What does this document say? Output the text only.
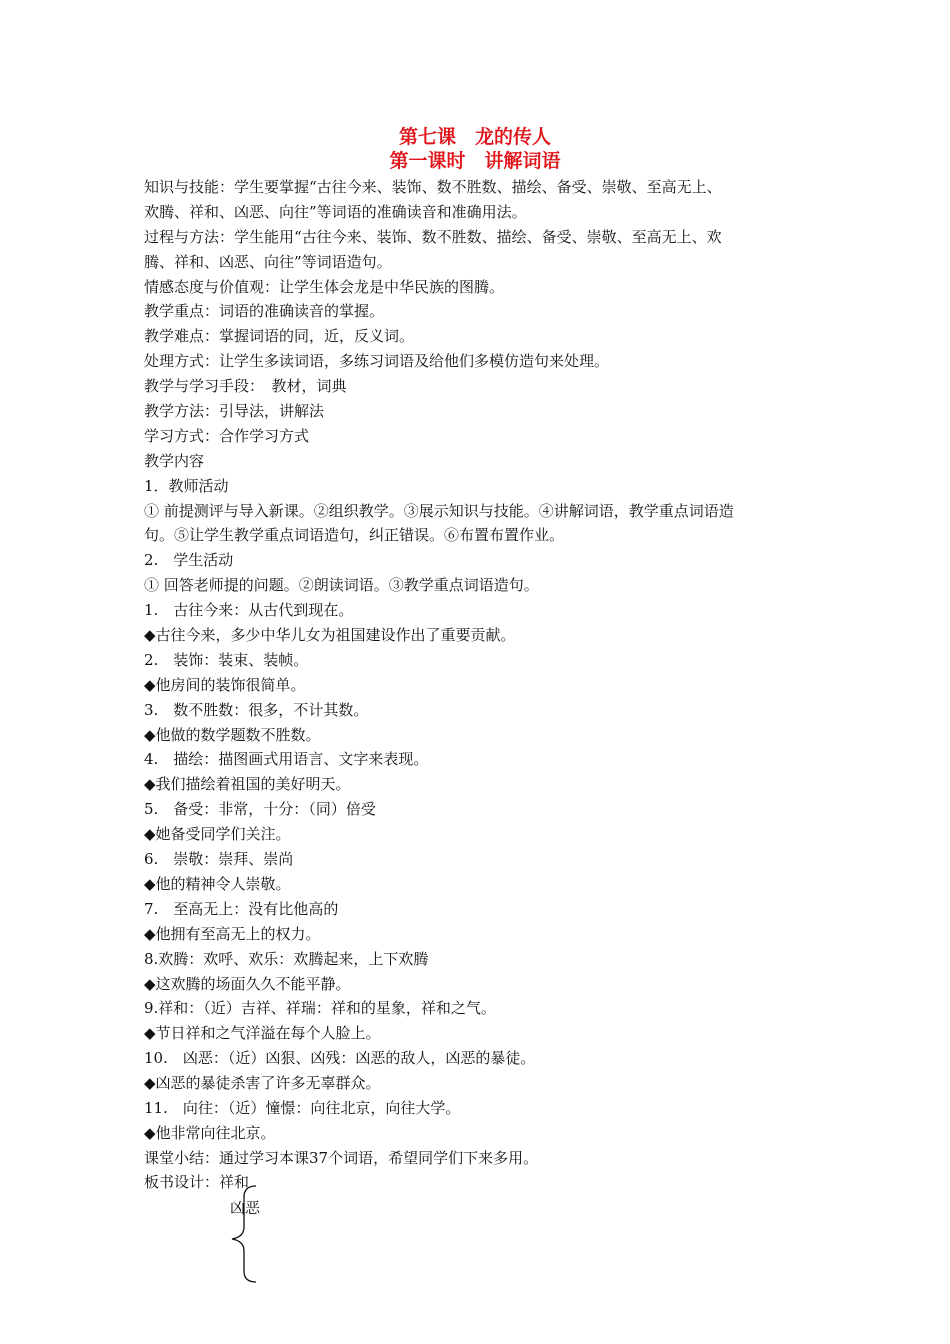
第七课　龙的传人
第一课时　讲解词语
知识与技能：学生要掌握“古往今来、装饰、数不胜数、描绘、备受、崇敬、至高无上、
欢腾、祥和、凶恶、向往”等词语的准确读音和准确用法。
过程与方法：学生能用“古往今来、装饰、数不胜数、描绘、备受、崇敬、至高无上、欢
腾、祥和、凶恶、向往”等词语造句。
情感态度与价值观：让学生体会龙是中华民族的图腾。
教学重点：词语的准确读音的掌握。
教学难点：掌握词语的同，近，反义词。
处理方式：让学生多读词语，多练习词语及给他们多模仿造句来处理。
教学与学习手段：　教材，词典
教学方法：引导法，讲解法
学习方式：合作学习方式
教学内容
1．教师活动
① 前提测评与导入新课。②组织教学。③展示知识与技能。④讲解词语，教学重点词语造
句。⑤让学生教学重点词语造句，纠正错误。⑥布置布置作业。
2.　学生活动
① 回答老师提的问题。②朗读词语。③教学重点词语造句。
1.　古往今来：从古代到现在。
◆古往今来，多少中华儿女为祖国建设作出了重要贡献。
2.　装饰：装束、装帧。
◆他房间的装饰很简单。
3.　数不胜数：很多，不计其数。
◆他做的数学题数不胜数。
4.　描绘：描图画式用语言、文字来表现。
◆我们描绘着祖国的美好明天。
5.　备受：非常，十分：（同）倍受
◆她备受同学们关注。
6.　崇敬：崇拜、崇尚
◆他的精神令人崇敬。
7.　至高无上：没有比他高的
◆他拥有至高无上的权力。
8.欢腾：欢呼、欢乐：欢腾起来，上下欢腾
◆这欢腾的场面久久不能平静。
9.祥和：（近）吉祥、祥瑞：祥和的星象，祥和之气。
◆节日祥和之气洋溢在每个人脸上。
10.　凶恶：（近）凶狠、凶残：凶恶的敌人，凶恶的暴徒。
◆凶恶的暴徒杀害了许多无辜群众。
11.　向往：（近）憧憬：向往北京，向往大学。
◆他非常向往北京。
课堂小结：通过学习本课37个词语，希望同学们下来多用。
板书设计：祥和
凶恶
